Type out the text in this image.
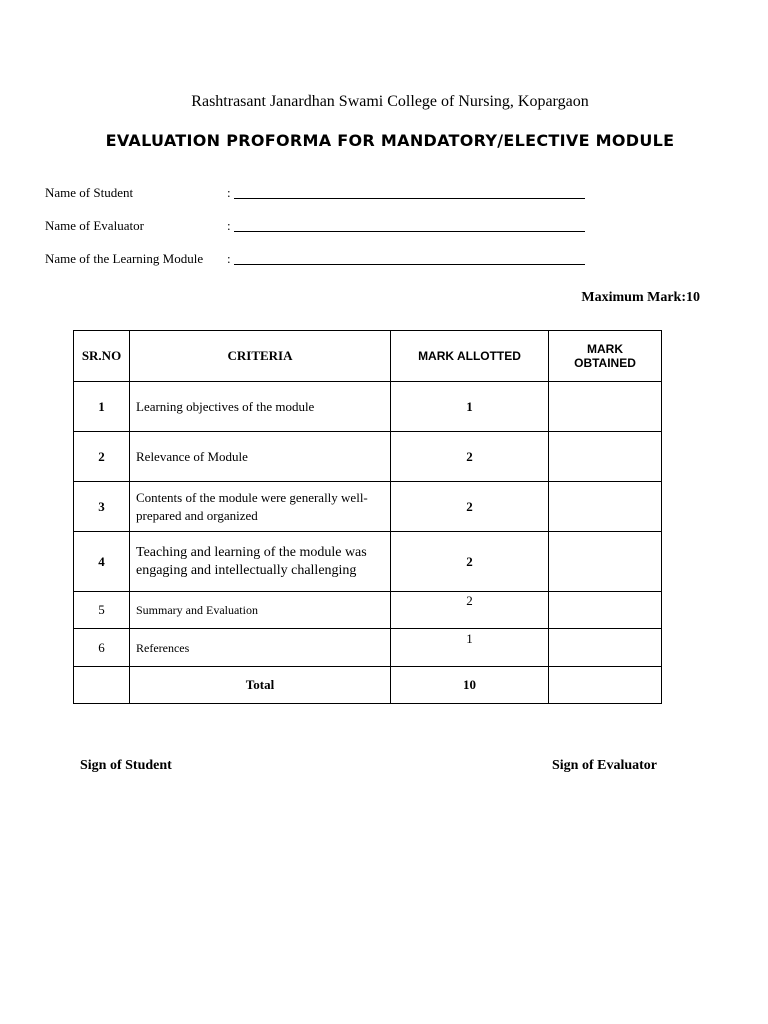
Rashtrasant Janardhan Swami College of Nursing, Kopargaon
EVALUATION PROFORMA FOR MANDATORY/ELECTIVE MODULE
Name of Student	:
Name of Evaluator	:
Name of the Learning Module :
Maximum Mark:10
SR.NO	CRITERIA	MARK ALLOTTED	MARK
OBTAINED
1	Learning objectives of the module	1	
2	Relevance of Module	2	
3	Contents of the module were generally well-prepared and organized	2	
4	Teaching and learning of the module was engaging and intellectually challenging	2	
5	Summary and Evaluation	2	
6	References	1	
	Total	10	
Sign of Student	Sign of Evaluator
